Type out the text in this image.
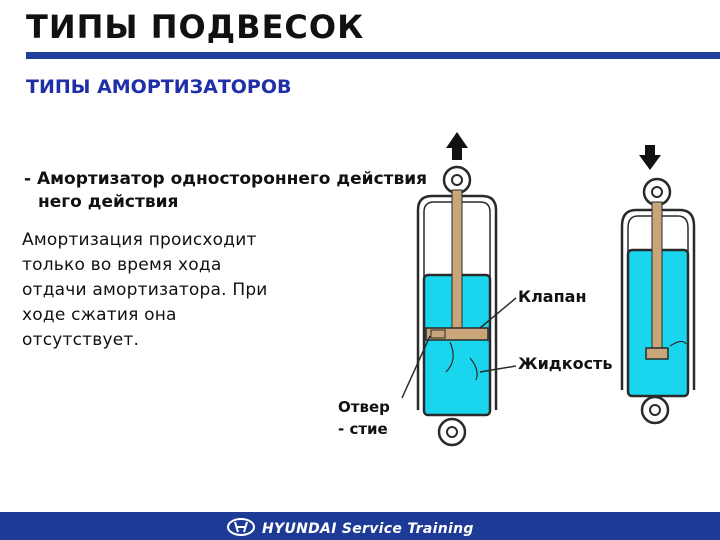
ТИПЫ ПОДВЕСОК
ТИПЫ АМОРТИЗАТОРОВ
- Амортизатор одностороннего действия
него действия
Амортизация происходит
только во время хода
отдачи амортизатора. При
ходе сжатия она
отсутствует.
Клапан
Жидкость
Отвер
- стие
HYUNDAI Service Training
